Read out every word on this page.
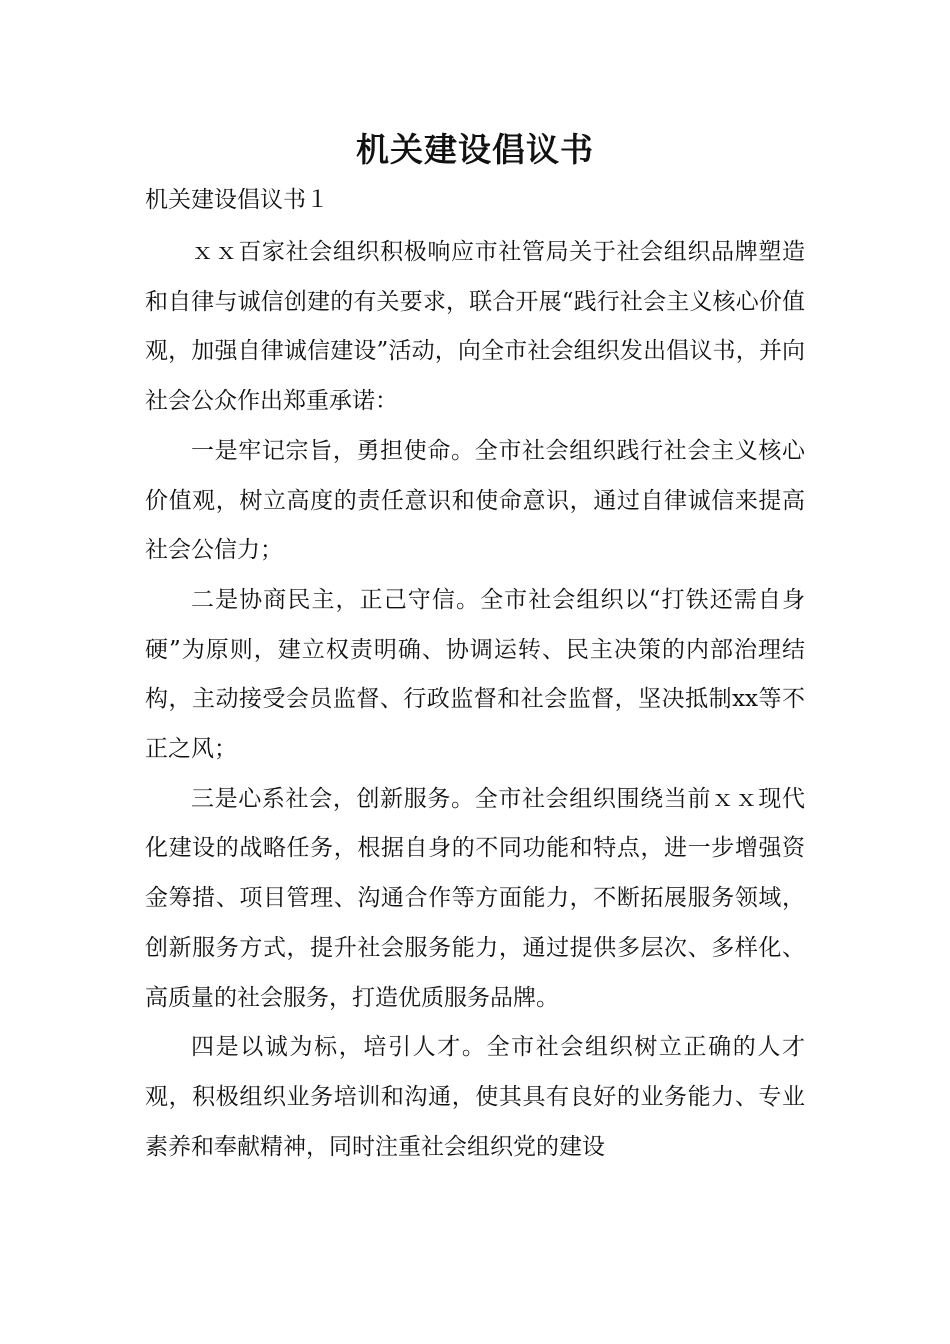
机关建设倡议书
机关建设倡议书１

ｘｘ百家社会组织积极响应市社管局关于社会组织品牌塑造和自律与诚信创建的有关要求，联合开展“践行社会主义核心价值观，加强自律诚信建设”活动，向全市社会组织发出倡议书，并向社会公众作出郑重承诺：

一是牢记宗旨，勇担使命。全市社会组织践行社会主义核心价值观，树立高度的责任意识和使命意识，通过自律诚信来提高社会公信力；

二是协商民主，正己守信。全市社会组织以“打铁还需自身硬”为原则，建立权责明确、协调运转、民主决策的内部治理结构，主动接受会员监督、行政监督和社会监督，坚决抵制xx等不正之风；

三是心系社会，创新服务。全市社会组织围绕当前ｘｘ现代化建设的战略任务，根据自身的不同功能和特点，进一步增强资金筹措、项目管理、沟通合作等方面能力，不断拓展服务领域，创新服务方式，提升社会服务能力，通过提供多层次、多样化、高质量的社会服务，打造优质服务品牌。

四是以诚为标，培引人才。全市社会组织树立正确的人才观，积极组织业务培训和沟通，使其具有良好的业务能力、专业素养和奉献精神，同时注重社会组织党的建设
